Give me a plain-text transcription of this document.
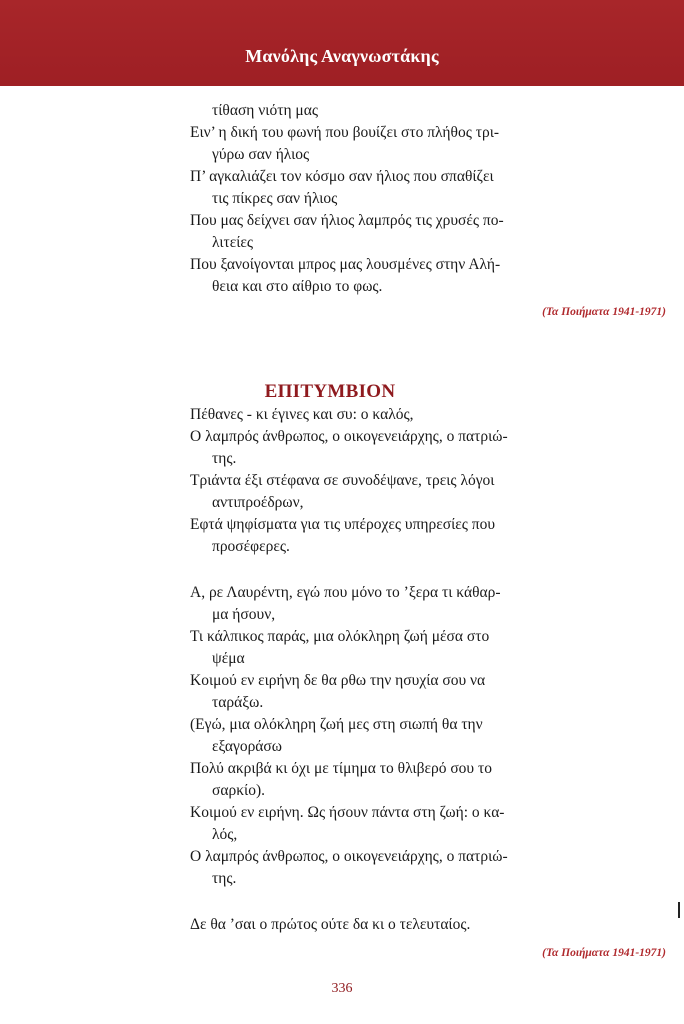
Μανόλης Αναγνωστάκης

τίθαση νιότη μας

Ειν’ η δική του φωνή που βουίζει στο πλήθος τρι-

γύρω σαν ήλιος

Π’ αγκαλιάζει τον κόσμο σαν ήλιος που σπαθίζει

τις πίκρες σαν ήλιος

Που μας δείχνει σαν ήλιος λαμπρός τις χρυσές πο-

λιτείες

Που ξανοίγονται μπρος μας λουσμένες στην Αλή-

θεια και στο αίθριο το φως.

(Τα Ποιήματα 1941-1971)
ΕΠΙΤΥΜΒΙΟΝ

Πέθανες - κι έγινες και συ: ο καλός,

Ο λαμπρός άνθρωπος, ο οικογενειάρχης, ο πατριώ-

της.

Τριάντα έξι στέφανα σε συνοδέψανε, τρεις λόγοι

αντιπροέδρων,

Εφτά ψηφίσματα για τις υπέροχες υπηρεσίες που

προσέφερες.

Α, ρε Λαυρέντη, εγώ που μόνο το ’ξερα τι κάθαρ-

μα ήσουν,

Τι κάλπικος παράς, μια ολόκληρη ζωή μέσα στο

ψέμα

Κοιμού εν ειρήνη δε θα ρθω την ησυχία σου να

ταράξω.

(Εγώ, μια ολόκληρη ζωή μες στη σιωπή θα την

εξαγοράσω

Πολύ ακριβά κι όχι με τίμημα το θλιβερό σου το

σαρκίο).

Κοιμού εν ειρήνη. Ως ήσουν πάντα στη ζωή: ο κα-

λός,

Ο λαμπρός άνθρωπος, ο οικογενειάρχης, ο πατριώ-

της.

Δε θα ’σαι ο πρώτος ούτε δα κι ο τελευταίος.

(Τα Ποιήματα 1941-1971)
336
